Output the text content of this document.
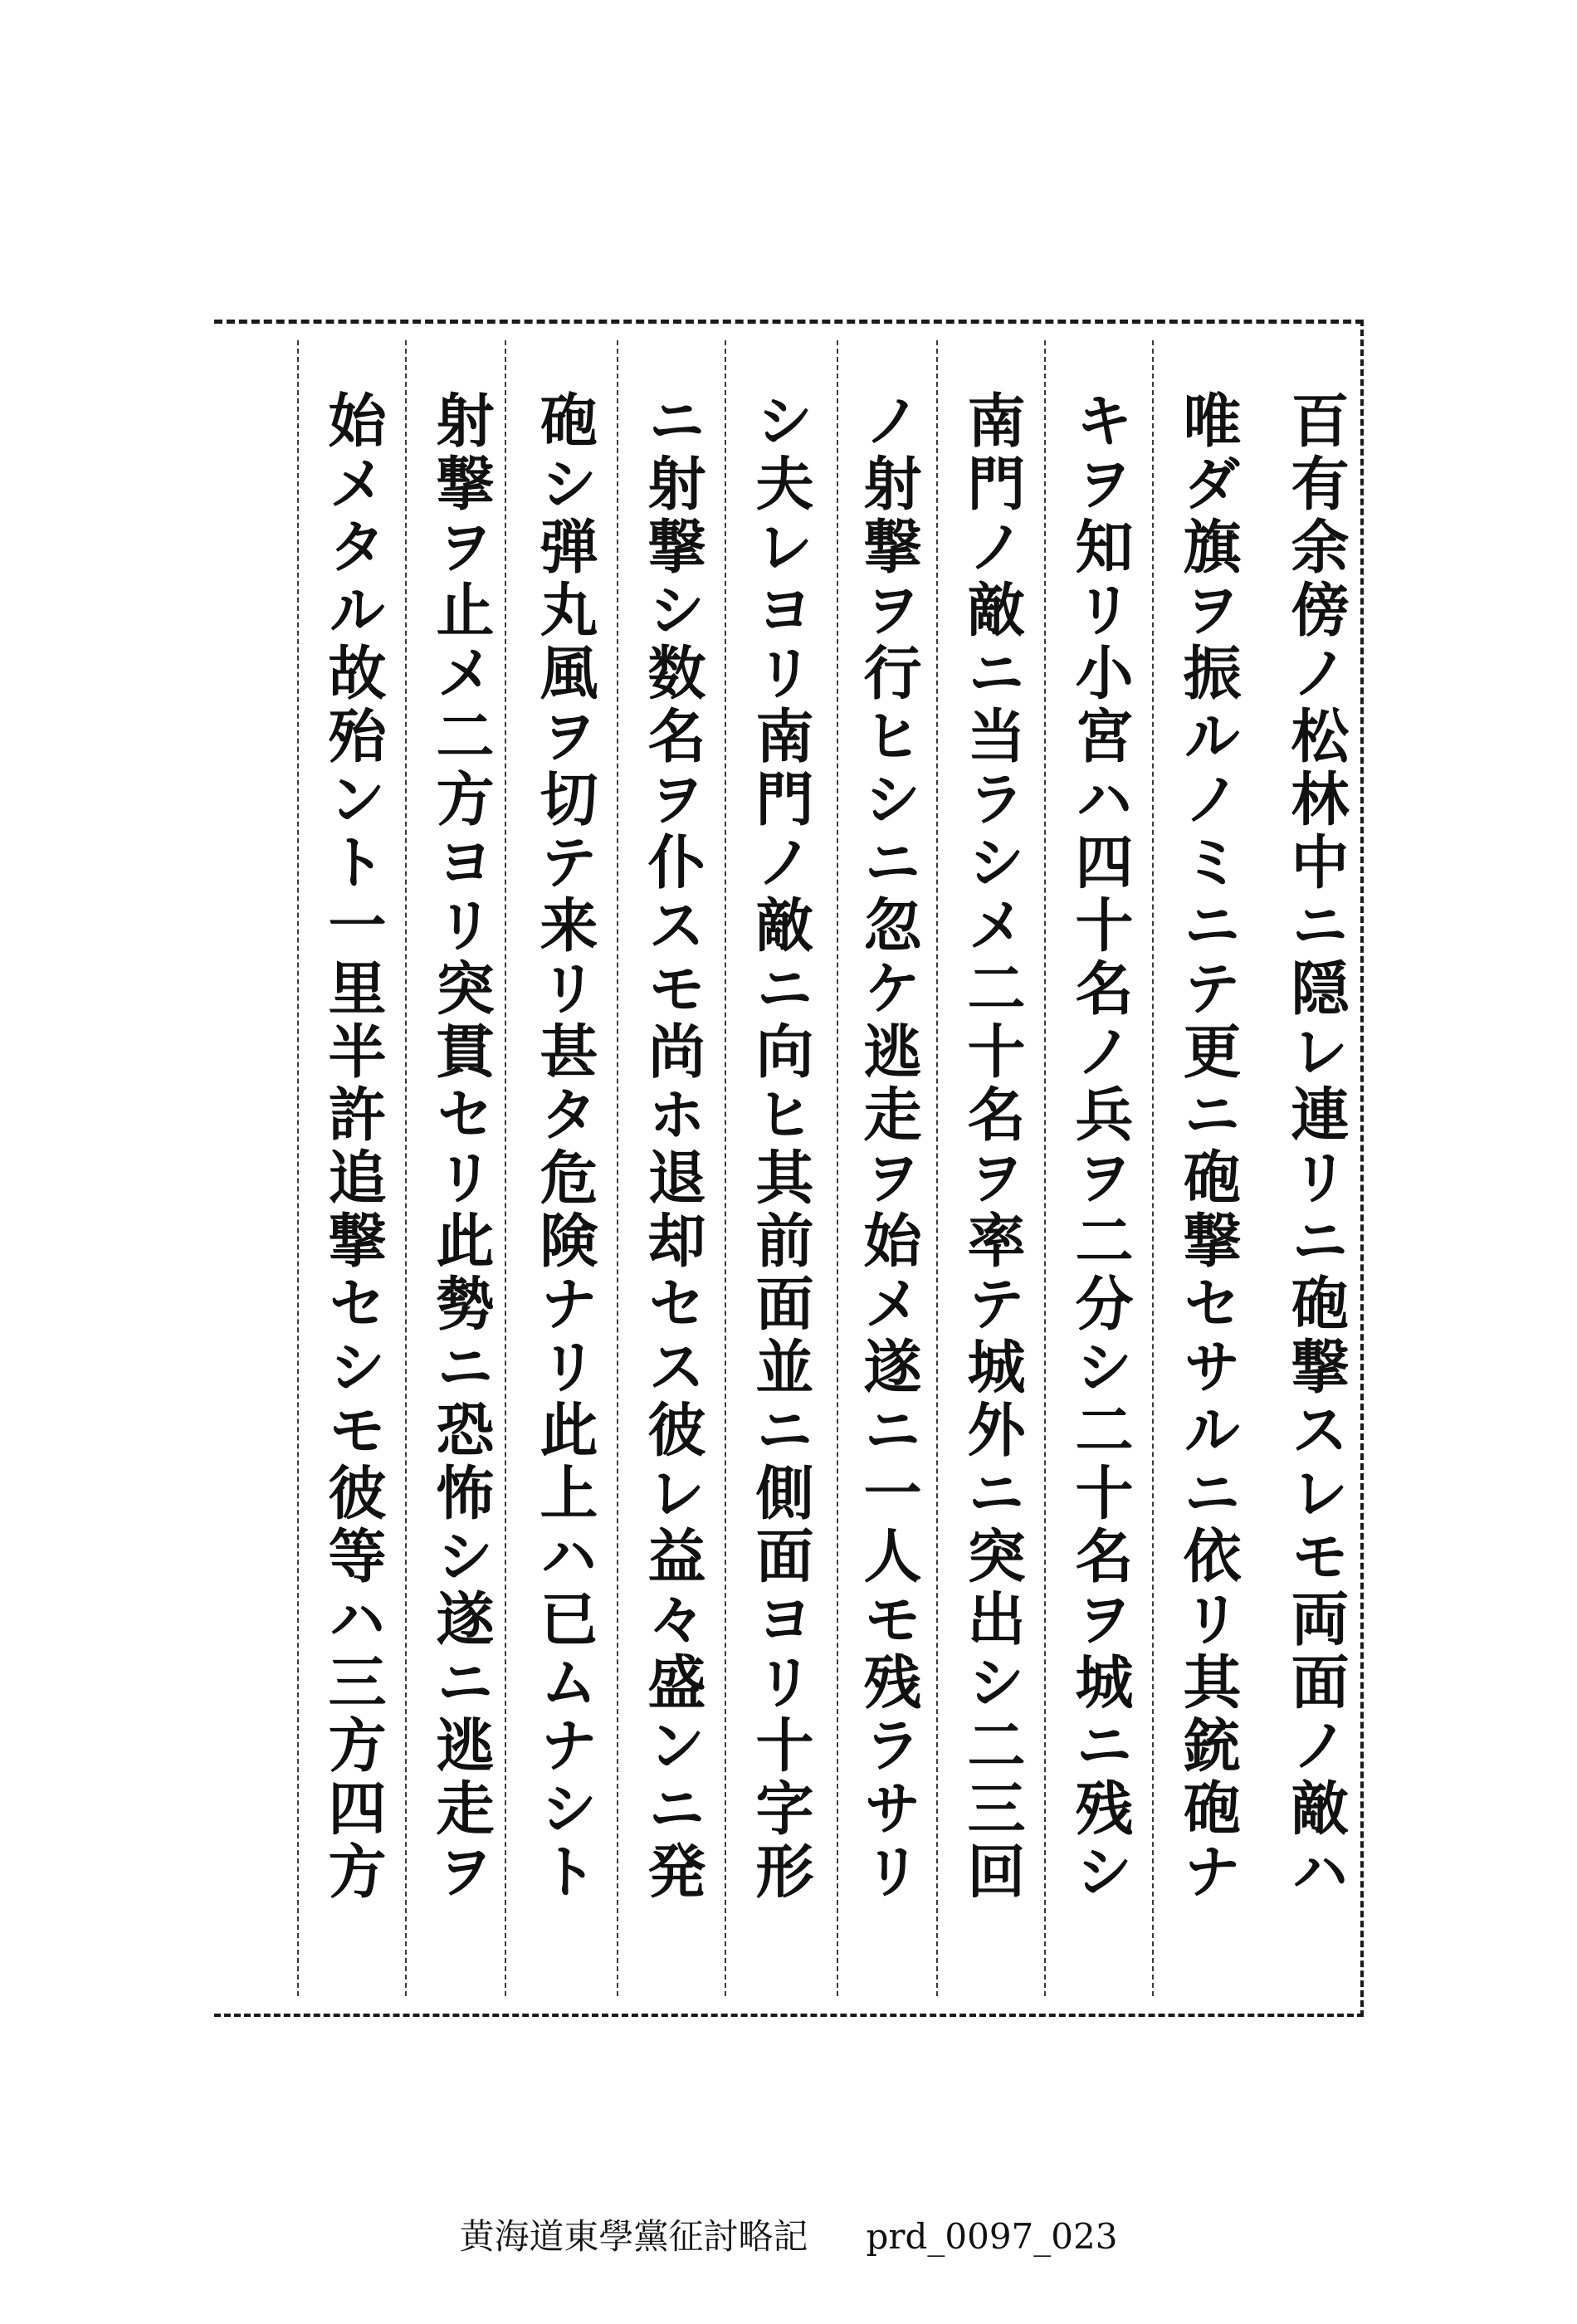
百有余傍ノ松林中ニ隠レ連リニ砲撃スレモ両面ノ敵ハ
唯ダ旗ヲ振ルノミニテ更ニ砲撃セサルニ依リ其銃砲ナ
キヲ知リ小宮ハ四十名ノ兵ヲ二分シ二十名ヲ城ニ残シ
南門ノ敵ニ当ラシメ二十名ヲ率テ城外ニ突出シ二三回
ノ射撃ヲ行ヒシニ忽ケ逃走ヲ始メ遂ニ一人モ残ラサリ
シ夫レヨリ南門ノ敵ニ向ヒ其前面並ニ側面ヨリ十字形
ニ射撃シ数名ヲ仆スモ尚ホ退却セス彼レ益々盛ンニ発
砲シ弾丸風ヲ切テ来リ甚タ危険ナリ此上ハ已ムナシト
射撃ヲ止メ二方ヨリ突貫セリ此勢ニ恐怖シ遂ニ逃走ヲ
始メタル故殆ント一里半許追撃セシモ彼等ハ三方四方
黄海道東學黨征討略記 prd_0097_023
